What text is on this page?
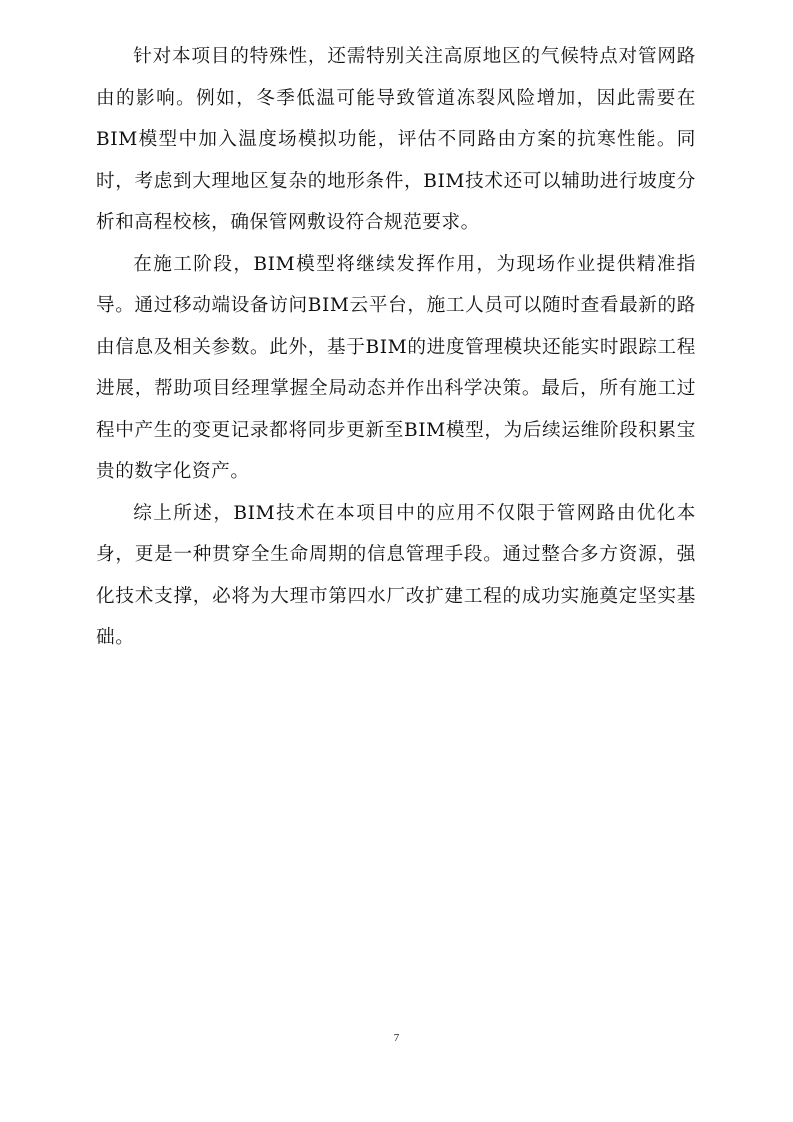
针对本项目的特殊性，还需特别关注高原地区的气候特点对管网路由的影响。例如，冬季低温可能导致管道冻裂风险增加，因此需要在BIM模型中加入温度场模拟功能，评估不同路由方案的抗寒性能。同时，考虑到大理地区复杂的地形条件，BIM技术还可以辅助进行坡度分析和高程校核，确保管网敷设符合规范要求。

在施工阶段，BIM模型将继续发挥作用，为现场作业提供精准指导。通过移动端设备访问BIM云平台，施工人员可以随时查看最新的路由信息及相关参数。此外，基于BIM的进度管理模块还能实时跟踪工程进展，帮助项目经理掌握全局动态并作出科学决策。最后，所有施工过程中产生的变更记录都将同步更新至BIM模型，为后续运维阶段积累宝贵的数字化资产。

综上所述，BIM技术在本项目中的应用不仅限于管网路由优化本身，更是一种贯穿全生命周期的信息管理手段。通过整合多方资源，强化技术支撑，必将为大理市第四水厂改扩建工程的成功实施奠定坚实基础。

7
